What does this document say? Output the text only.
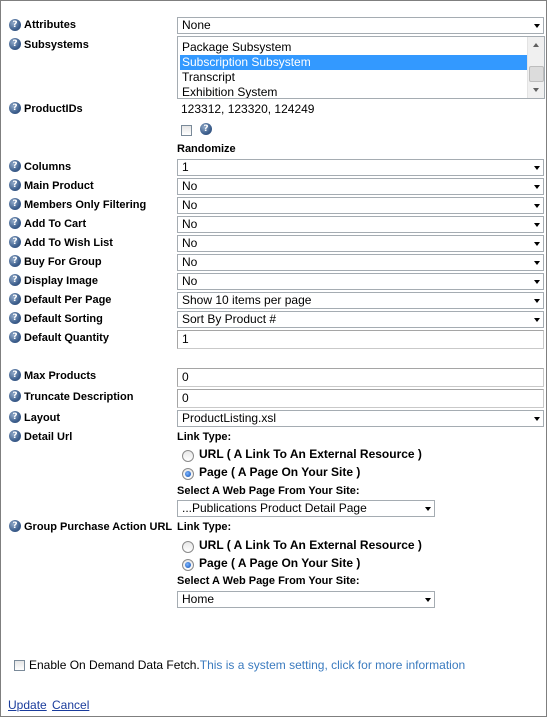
? Attributes	None
? Subsystems	Package Subsystem
Subscription Subsystem
Transcript
Exhibition System
? ProductIDs	123312, 123320, 124249
?
Randomize
? Columns	1
? Main Product	No
? Members Only Filtering	No
? Add To Cart	No
? Add To Wish List	No
? Buy For Group	No
? Display Image	No
? Default Per Page	Show 10 items per page
? Default Sorting	Sort By Product #
? Default Quantity	1
? Max Products	0
? Truncate Description	0
? Layout	ProductListing.xsl
? Detail Url	Link Type:
URL ( A Link To An External Resource )
Page ( A Page On Your Site )
Select A Web Page From Your Site:
...Publications Product Detail Page
? Group Purchase Action URL Link Type:
URL ( A Link To An External Resource )
Page ( A Page On Your Site )
Select A Web Page From Your Site:
Home
Enable On Demand Data Fetch.This is a system setting, click for more information
Update Cancel
